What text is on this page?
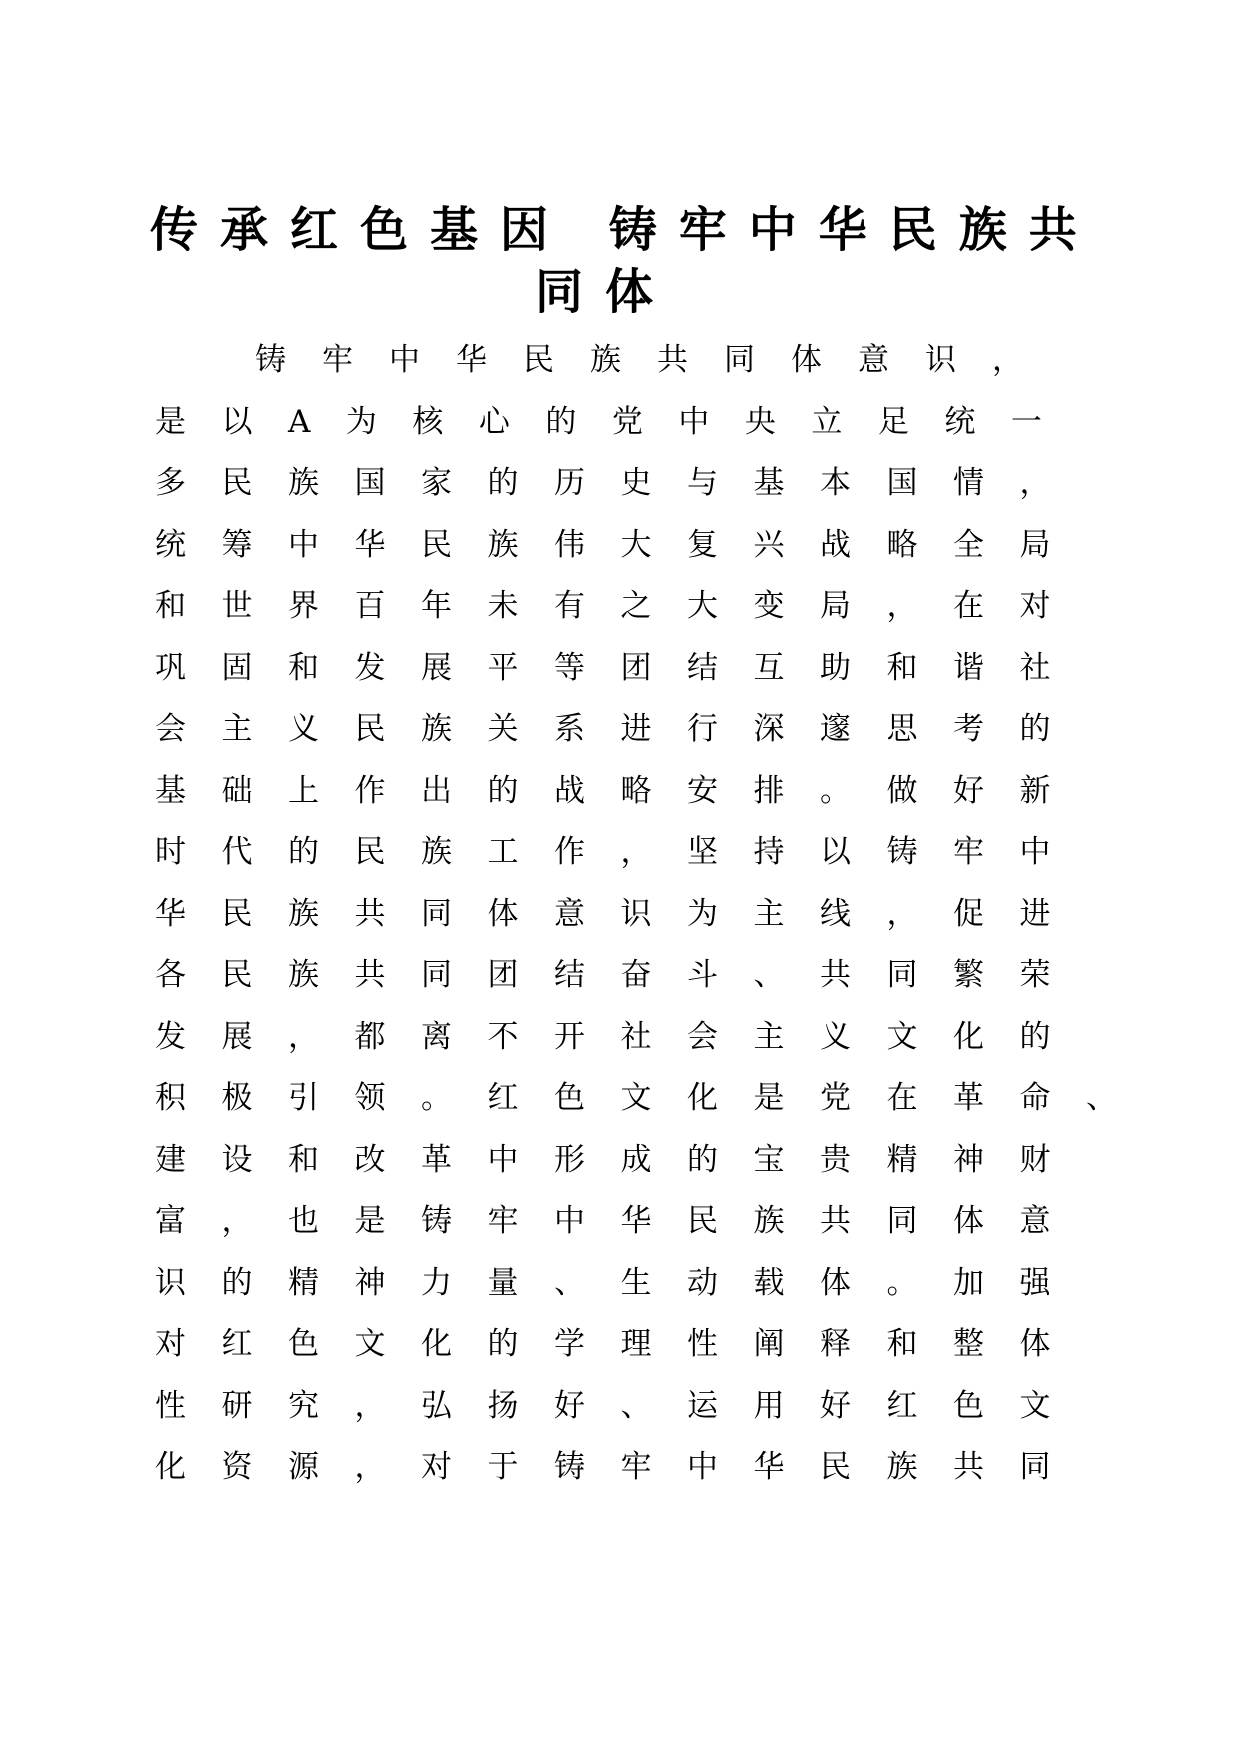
传承红色基因 铸牢中华民族共
同体
铸牢中华民族共同体意识，
是以A为核心的党中央立足统一
多民族国家的历史与基本国情，
统筹中华民族伟大复兴战略全局
和世界百年未有之大变局，在对
巩固和发展平等团结互助和谐社
会主义民族关系进行深邃思考的
基础上作出的战略安排。做好新
时代的民族工作，坚持以铸牢中
华民族共同体意识为主线，促进
各民族共同团结奋斗、共同繁荣
发展，都离不开社会主义文化的
积极引领。红色文化是党在革命、
建设和改革中形成的宝贵精神财
富，也是铸牢中华民族共同体意
识的精神力量、生动载体。加强
对红色文化的学理性阐释和整体
性研究，弘扬好、运用好红色文
化资源，对于铸牢中华民族共同
